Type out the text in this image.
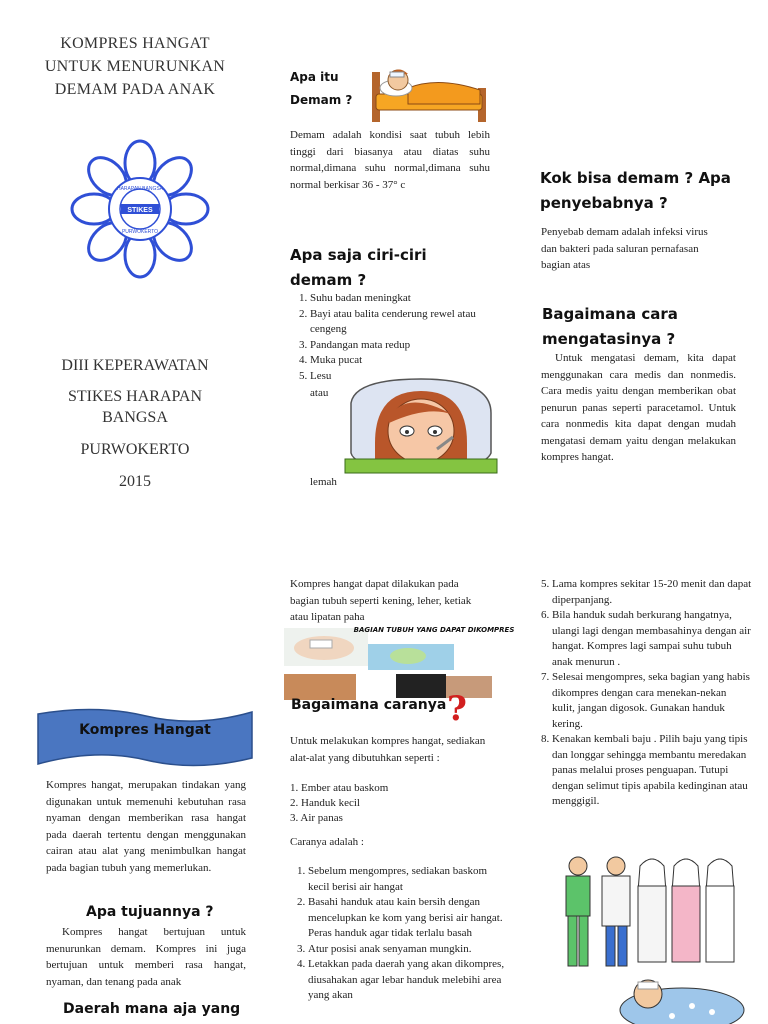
KOMPRES HANGAT
UNTUK MENURUNKAN
DEMAM PADA ANAK
STIKES
HARAPAN BANGSA
PURWOKERTO
DIII KEPERAWATAN
STIKES HARAPAN
BANGSA
PURWOKERTO
2015
Apa itu
Demam ?
Demam adalah kondisi saat tubuh lebih tinggi dari biasanya atau diatas suhu normal,dimana suhu normal,dimana suhu normal berkisar 36 - 37° c
Apa saja ciri-ciri
demam ?
1. Suhu badan meningkat
2. Bayi atau balita cenderung rewel atau cengeng
3. Pandangan mata redup
4. Muka pucat
5. Lesu
atau
lemah
Kok bisa demam ? Apa
penyebabnya ?
Penyebab demam adalah infeksi virus dan bakteri pada saluran pernafasan bagian atas
Bagaimana cara
mengatasinya ?
Untuk mengatasi demam, kita dapat menggunakan cara medis dan nonmedis. Cara medis yaitu dengan memberikan obat penurun panas seperti paracetamol. Untuk cara nonmedis kita dapat dengan mudah mengatasi demam yaitu dengan melakukan kompres hangat.
Kompres Hangat
Kompres hangat, merupakan tindakan yang digunakan untuk memenuhi kebutuhan rasa nyaman dengan memberikan rasa hangat pada daerah tertentu dengan menggunakan cairan atau alat yang menimbulkan hangat pada bagian tubuh yang memerlukan.
Apa tujuannya ?
Kompres hangat bertujuan untuk menurunkan demam. Kompres ini juga bertujuan untuk memberi rasa hangat, nyaman, dan tenang pada anak
Daerah mana aja yang
Kompres hangat dapat dilakukan pada bagian tubuh seperti kening, leher, ketiak atau lipatan paha
BAGIAN TUBUH YANG DAPAT DIKOMPRES
Bagaimana caranya ?
Untuk melakukan kompres hangat, sediakan alat-alat yang dibutuhkan seperti :
1. Ember atau baskom
2. Handuk kecil
3. Air panas
Caranya adalah :
1. Sebelum mengompres, sediakan baskom kecil berisi air hangat
2. Basahi handuk atau kain bersih dengan mencelupkan ke kom yang berisi air hangat. Peras handuk agar tidak terlalu basah
3. Atur posisi anak senyaman mungkin.
4. Letakkan pada daerah yang akan dikompres, diusahakan agar lebar handuk melebihi area yang akan
5. Lama kompres sekitar 15-20 menit dan dapat diperpanjang.
6. Bila handuk sudah berkurang hangatnya, ulangi lagi dengan membasahinya dengan air hangat. Kompres lagi sampai suhu tubuh anak menurun .
7. Selesai mengompres, seka bagian yang habis dikompres dengan cara menekan-nekan kulit, jangan digosok. Gunakan handuk kering.
8. Kenakan kembali baju . Pilih baju yang tipis dan longgar sehingga membantu meredakan panas melalui proses penguapan. Tutupi dengan selimut tipis apabila kedinginan atau menggigil.
